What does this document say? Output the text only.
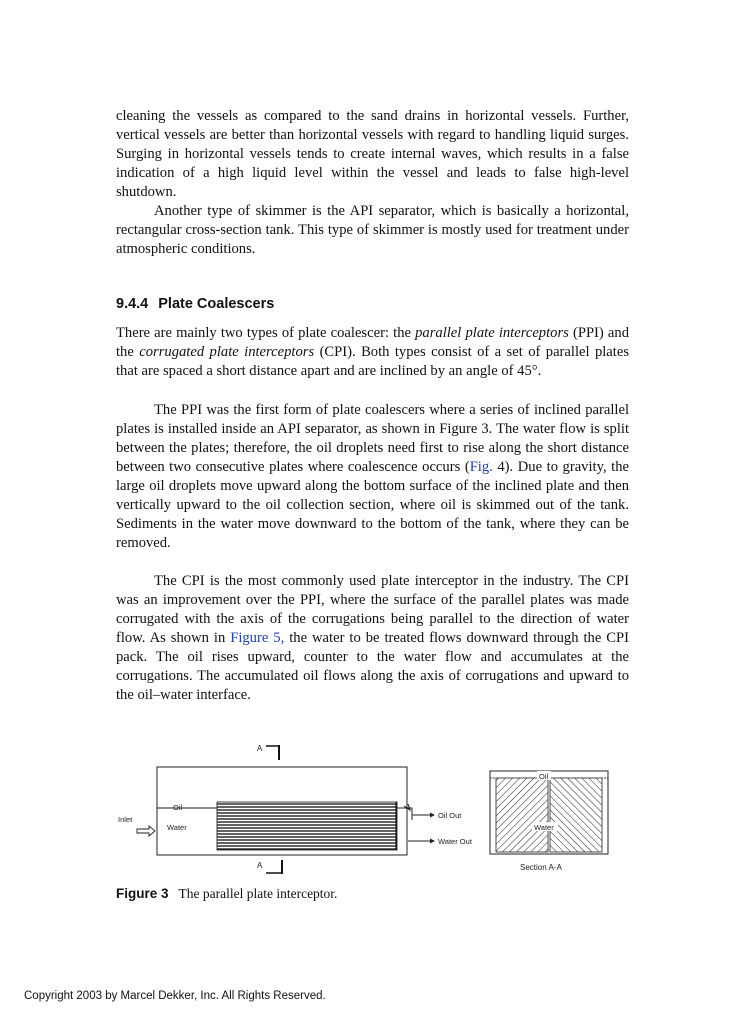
cleaning the vessels as compared to the sand drains in horizontal vessels. Further, vertical vessels are better than horizontal vessels with regard to handling liquid surges. Surging in horizontal vessels tends to create internal waves, which results in a false indication of a high liquid level within the vessel and leads to false high-level shutdown.
Another type of skimmer is the API separator, which is basically a horizontal, rectangular cross-section tank. This type of skimmer is mostly used for treatment under atmospheric conditions.
9.4.4 Plate Coalescers
There are mainly two types of plate coalescer: the parallel plate interceptors (PPI) and the corrugated plate interceptors (CPI). Both types consist of a set of parallel plates that are spaced a short distance apart and are inclined by an angle of 45°.
The PPI was the first form of plate coalescers where a series of inclined parallel plates is installed inside an API separator, as shown in Figure 3. The water flow is split between the plates; therefore, the oil droplets need first to rise along the short distance between two consecutive plates where coalescence occurs (Fig. 4). Due to gravity, the large oil droplets move upward along the bottom surface of the inclined plate and then vertically upward to the oil collection section, where oil is skimmed out of the tank. Sediments in the water move downward to the bottom of the tank, where they can be removed.
The CPI is the most commonly used plate interceptor in the industry. The CPI was an improvement over the PPI, where the surface of the parallel plates was made corrugated with the axis of the corrugations being parallel to the direction of water flow. As shown in Figure 5, the water to be treated flows downward through the CPI pack. The oil rises upward, counter to the water flow and accumulates at the corrugations. The accumulated oil flows along the axis of corrugations and upward to the oil–water interface.
A
Oil
Inlet
Water
Oil Out
Water Out
A
Oil
Water
Section A-A
Figure 3 The parallel plate interceptor.
Copyright 2003 by Marcel Dekker, Inc. All Rights Reserved.
